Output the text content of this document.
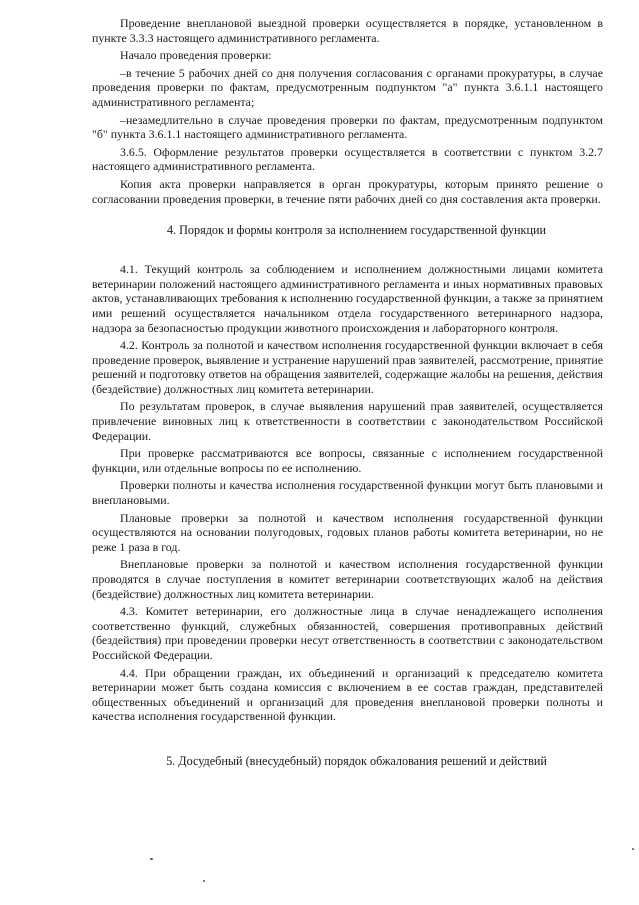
Проведение внеплановой выездной проверки осуществляется в порядке, установленном в пункте 3.3.3 настоящего административного регламента.

Начало проведения проверки:

–в течение 5 рабочих дней со дня получения согласования с органами прокуратуры, в случае проведения проверки по фактам, предусмотренным подпунктом "а" пункта 3.6.1.1 настоящего административного регламента;

–незамедлительно в случае проведения проверки по фактам, предусмотренным подпунктом "б" пункта 3.6.1.1 настоящего административного регламента.

3.6.5. Оформление результатов проверки осуществляется в соответствии с пунктом 3.2.7 настоящего административного регламента.

Копия акта проверки направляется в орган прокуратуры, которым принято решение о согласовании проведения проверки, в течение пяти рабочих дней со дня составления акта проверки.

4. Порядок и формы контроля за исполнением государственной функции

4.1. Текущий контроль за соблюдением и исполнением должностными лицами комитета ветеринарии положений настоящего административного регламента и иных нормативных правовых актов, устанавливающих требования к исполнению государственной функции, а также за принятием ими решений осуществляется начальником отдела государственного ветеринарного надзора, надзора за безопасностью продукции животного происхождения и лабораторного контроля.

4.2. Контроль за полнотой и качеством исполнения государственной функции включает в себя проведение проверок, выявление и устранение нарушений прав заявителей, рассмотрение, принятие решений и подготовку ответов на обращения заявителей, содержащие жалобы на решения, действия (бездействие) должностных лиц комитета ветеринарии.

По результатам проверок, в случае выявления нарушений прав заявителей, осуществляется привлечение виновных лиц к ответственности в соответствии с законодательством Российской Федерации.

При проверке рассматриваются все вопросы, связанные с исполнением государственной функции, или отдельные вопросы по ее исполнению.

Проверки полноты и качества исполнения государственной функции могут быть плановыми и внеплановыми.

Плановые проверки за полнотой и качеством исполнения государственной функции осуществляются на основании полугодовых, годовых планов работы комитета ветеринарии, но не реже 1 раза в год.

Внеплановые проверки за полнотой и качеством исполнения государственной функции проводятся в случае поступления в комитет ветеринарии соответствующих жалоб на действия (бездействие) должностных лиц комитета ветеринарии.

4.3. Комитет ветеринарии, его должностные лица в случае ненадлежащего исполнения соответственно функций, служебных обязанностей, совершения противоправных действий (бездействия) при проведении проверки несут ответственность в соответствии с законодательством Российской Федерации.

4.4. При обращении граждан, их объединений и организаций к председателю комитета ветеринарии может быть создана комиссия с включением в ее состав граждан, представителей общественных объединений и организаций для проведения внеплановой проверки полноты и качества исполнения государственной функции.

5. Досудебный (внесудебный) порядок обжалования решений и действий
